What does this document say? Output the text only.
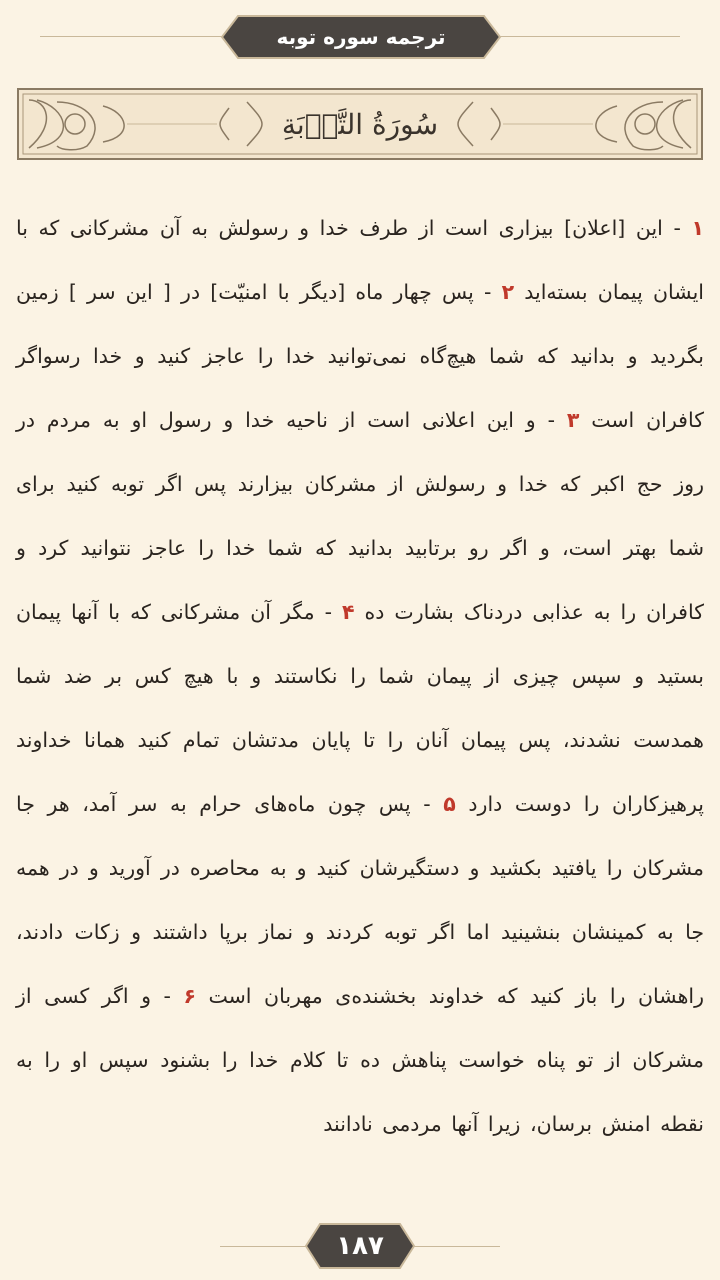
ترجمه سوره توبه
سُورَةُ التَّوۡبَةِ
۱ - این [اعلان] بیزاری است از طرف خدا و رسولش به آن مشرکانی که با ایشان پیمان بسته‌اید ۲ - پس چهار ماه [دیگر با امنیّت] در [ این سر ] زمین بگردید و بدانید که شما هیچ‌گاه نمی‌توانید خدا را عاجز کنید و خدا رسواگر کافران است ۳ - و این اعلانی است از ناحیه خدا و رسول او به مردم در روز حج اکبر که خدا و رسولش از مشرکان بیزارند پس اگر توبه کنید برای شما بهتر است، و اگر رو برتابید بدانید که شما خدا را عاجز نتوانید کرد و کافران را به عذابی دردناک بشارت ده ۴ - مگر آن مشرکانی که با آنها پیمان بستید و سپس چیزی از پیمان شما را نکاستند و با هیچ کس بر ضد شما همدست نشدند، پس پیمان آنان را تا پایان مدتشان تمام کنید همانا خداوند پرهیزکاران را دوست دارد ۵ - پس چون ماه‌های حرام به سر آمد، هر جا مشرکان را یافتید بکشید و دستگیرشان کنید و به محاصره در آورید و در همه جا به کمینشان بنشینید اما اگر توبه کردند و نماز برپا داشتند و زکات دادند، راهشان را باز کنید که خداوند بخشنده‌ی مهربان است ۶ - و اگر کسی از مشرکان از تو پناه خواست پناهش ده تا کلام خدا را بشنود سپس او را به نقطه امنش برسان، زیرا آنها مردمی نادانند
۱۸۷
